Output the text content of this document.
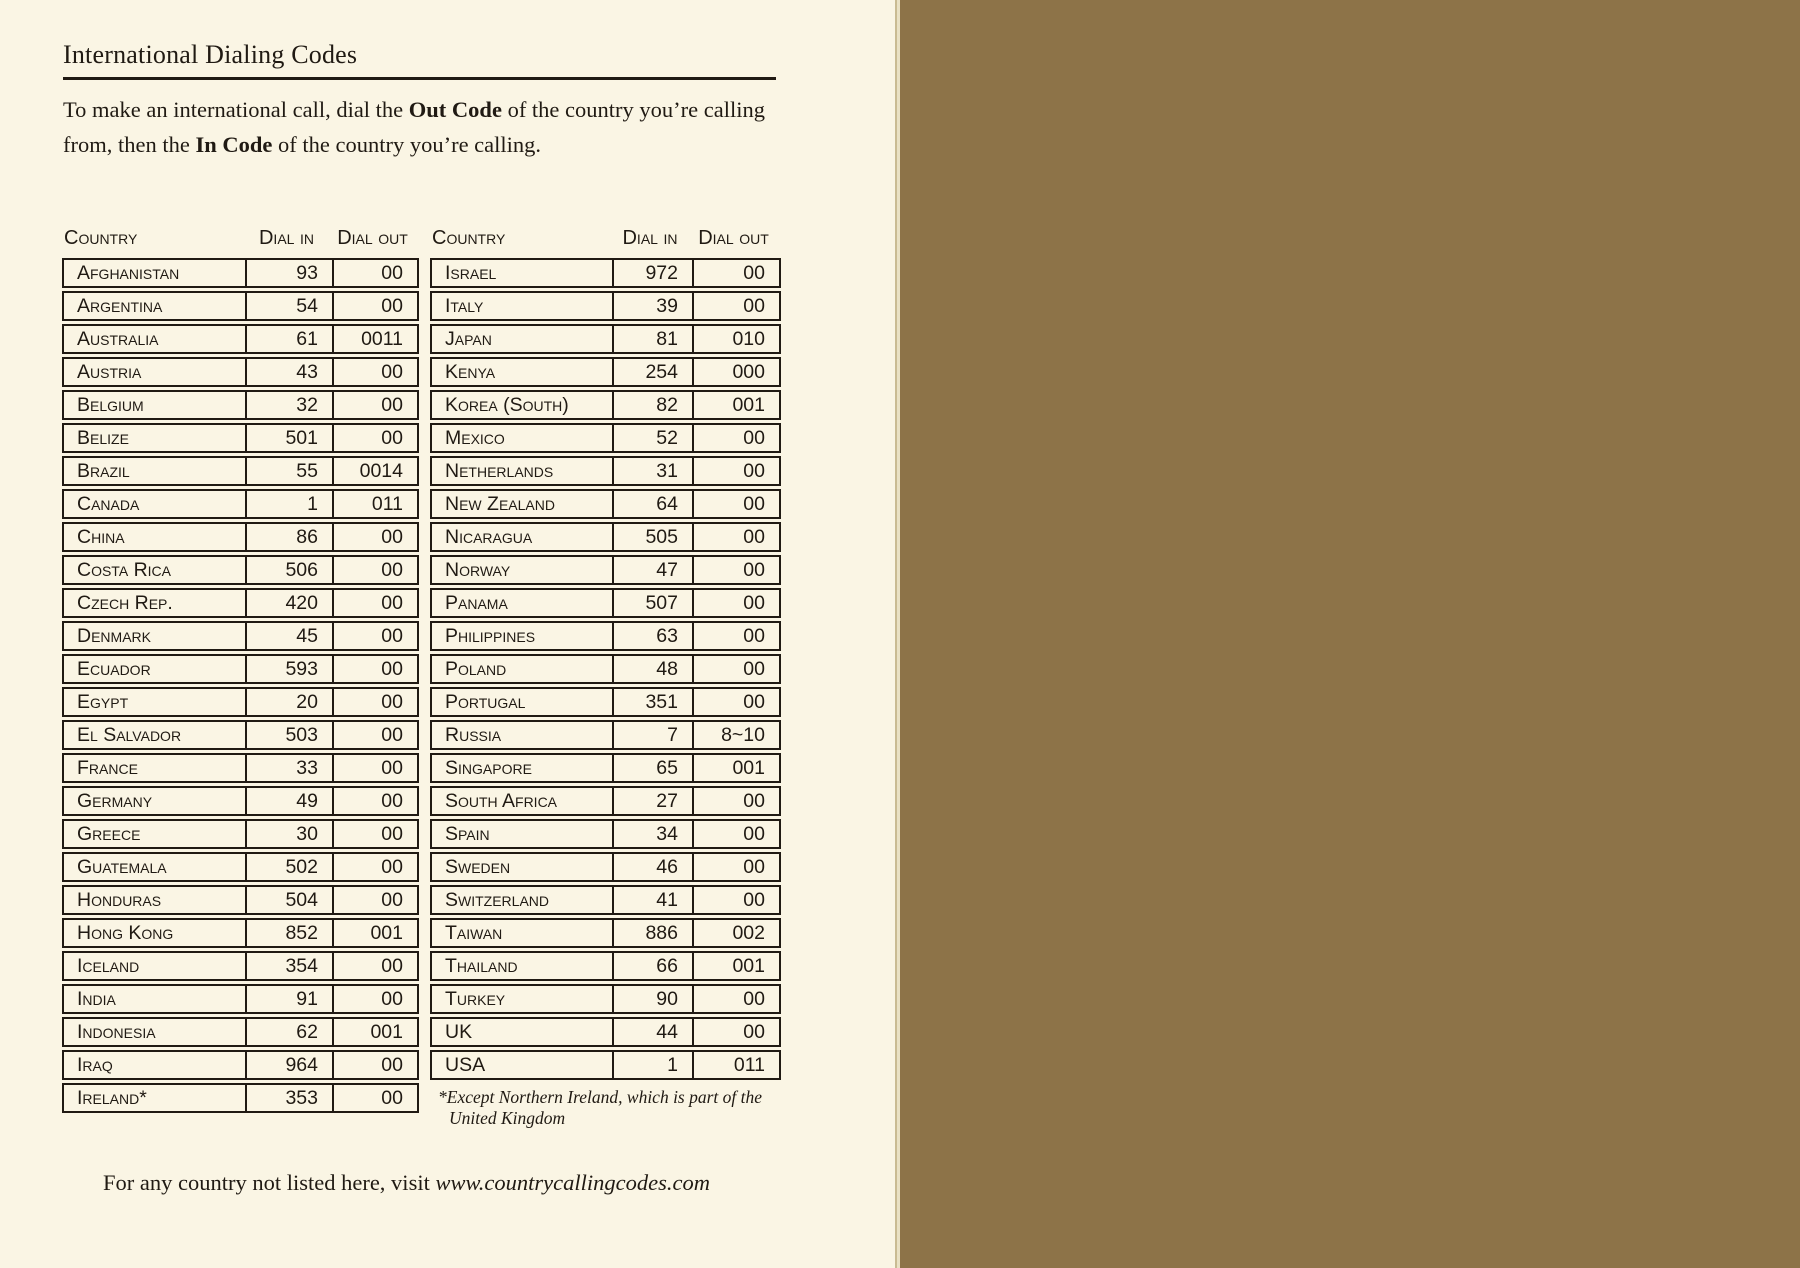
International Dialing Codes

To make an international call, dial the Out Code of the country you’re calling from, then the In Code of the country you’re calling.

Country	Dial in	Dial out
Afghanistan	93	00
Argentina	54	00
Australia	61	0011
Austria	43	00
Belgium	32	00
Belize	501	00
Brazil	55	0014
Canada	1	011
China	86	00
Costa Rica	506	00
Czech Rep.	420	00
Denmark	45	00
Ecuador	593	00
Egypt	20	00
El Salvador	503	00
France	33	00
Germany	49	00
Greece	30	00
Guatemala	502	00
Honduras	504	00
Hong Kong	852	001
Iceland	354	00
India	91	00
Indonesia	62	001
Iraq	964	00
Ireland*	353	00
Country	Dial in	Dial out
Israel	972	00
Italy	39	00
Japan	81	010
Kenya	254	000
Korea (South)	82	001
Mexico	52	00
Netherlands	31	00
New Zealand	64	00
Nicaragua	505	00
Norway	47	00
Panama	507	00
Philippines	63	00
Poland	48	00
Portugal	351	00
Russia	7	8~10
Singapore	65	001
South Africa	27	00
Spain	34	00
Sweden	46	00
Switzerland	41	00
Taiwan	886	002
Thailand	66	001
Turkey	90	00
UK	44	00
USA	1	011
*Except Northern Ireland, which is part of the
United Kingdom

For any country not listed here, visit www.countrycallingcodes.com
